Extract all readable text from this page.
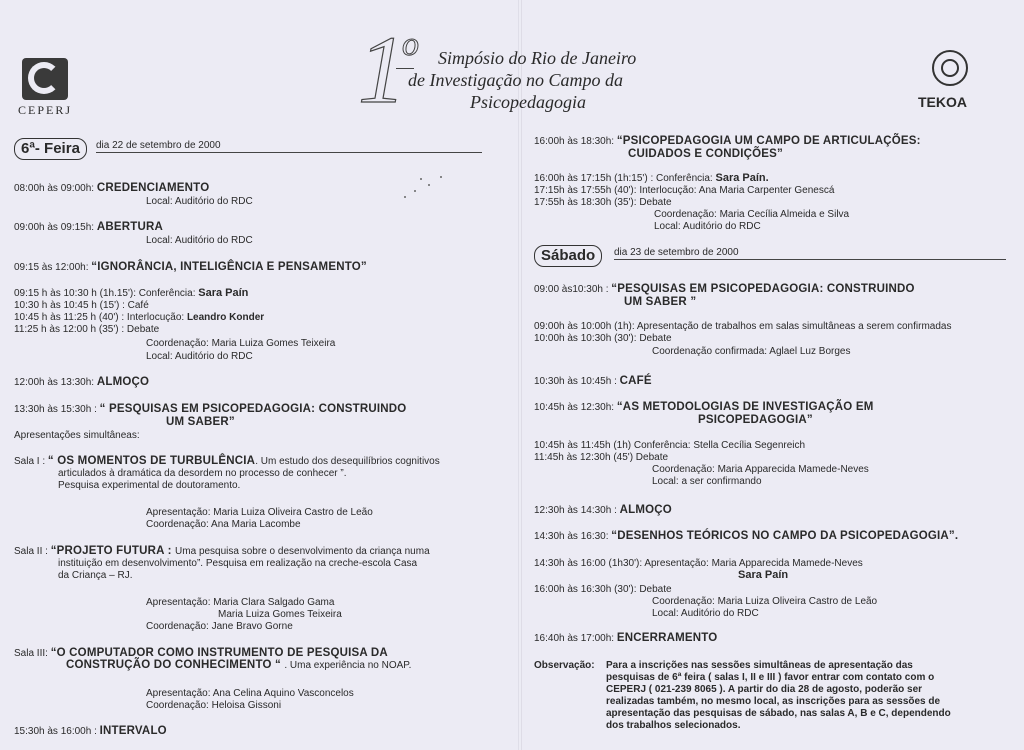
CEPERJ	1
o Simpósio do Rio de Janeiro
de Investigação no Campo da
Psicopedagogia	TEKOA
6ª- Feira	dia 22 de setembro de 2000
08:00h às 09:00h: CREDENCIAMENTO
Local: Auditório do RDC
09:00h às 09:15h: ABERTURA
Local: Auditório do RDC
09:15 às 12:00h: “IGNORÂNCIA, INTELIGÊNCIA E PENSAMENTO”
09:15 h às 10:30 h (1h.15'): Conferência: Sara Paín
10:30 h às 10:45 h (15') : Café
10:45 h às 11:25 h (40') : Interlocução: Leandro Konder
11:25 h às 12:00 h (35') : Debate
Coordenação: Maria Luiza Gomes Teixeira
Local: Auditório do RDC
12:00h às 13:30h: ALMOÇO
13:30h às 15:30h : “ PESQUISAS EM PSICOPEDAGOGIA: CONSTRUINDO
UM SABER”
Apresentações simultâneas:
Sala I : “ OS MOMENTOS DE TURBULÊNCIA. Um estudo dos desequilíbrios cognitivos
articulados à dramática da desordem no processo de conhecer ”.
Pesquisa experimental de doutoramento.
Apresentação: Maria Luiza Oliveira Castro de Leão
Coordenação: Ana Maria Lacombe
Sala II : “PROJETO FUTURA : Uma pesquisa sobre o desenvolvimento da criança numa
instituição em desenvolvimento”. Pesquisa em realização na creche-escola Casa
da Criança – RJ.
Apresentação: Maria Clara Salgado Gama
Maria Luiza Gomes Teixeira
Coordenação: Jane Bravo Gorne
Sala III: “O COMPUTADOR COMO INSTRUMENTO DE PESQUISA DA
CONSTRUÇÃO DO CONHECIMENTO “ . Uma experiência no NOAP.
Apresentação: Ana Celina Aquino Vasconcelos
Coordenação: Heloisa Gissoni
15:30h às 16:00h : INTERVALO
16:00h às 18:30h: “PSICOPEDAGOGIA UM CAMPO DE ARTICULAÇÕES:
CUIDADOS E CONDIÇÕES”
16:00h às 17:15h (1h:15') : Conferência: Sara Paín.
17:15h às 17:55h (40'): Interlocução: Ana Maria Carpenter Genescá
17:55h às 18:30h (35'): Debate
Coordenação: Maria Cecília Almeida e Silva
Local: Auditório do RDC
Sábado	dia 23 de setembro de 2000
09:00 às10:30h : “PESQUISAS EM PSICOPEDAGOGIA: CONSTRUINDO
UM SABER ”
09:00h às 10:00h (1h): Apresentação de trabalhos em salas simultâneas a serem confirmadas
10:00h às 10:30h (30'): Debate
Coordenação confirmada: Aglael Luz Borges
10:30h às 10:45h : CAFÉ
10:45h às 12:30h: “AS METODOLOGIAS DE INVESTIGAÇÃO EM
PSICOPEDAGOGIA”
10:45h às 11:45h (1h) Conferência: Stella Cecília Segenreich
11:45h às 12:30h (45') Debate
Coordenação: Maria Apparecida Mamede-Neves
Local: a ser confirmando
12:30h às 14:30h : ALMOÇO
14:30h às 16:30: “DESENHOS TEÓRICOS NO CAMPO DA PSICOPEDAGOGIA”.
14:30h às 16:00 (1h30'): Apresentação: Maria Apparecida Mamede-Neves
Sara Paín
16:00h às 16:30h (30'): Debate
Coordenação: Maria Luiza Oliveira Castro de Leão
Local: Auditório do RDC
16:40h às 17:00h: ENCERRAMENTO
Observação: Para a inscrições nas sessões simultâneas de apresentação das
pesquisas de 6ª feira ( salas I, II e III ) favor entrar com contato com o
CEPERJ ( 021-239 8065 ). A partir do dia 28 de agosto, poderão ser
realizadas também, no mesmo local, as inscrições para as sessões de
apresentação das pesquisas de sábado, nas salas A, B e C, dependendo
dos trabalhos selecionados.
